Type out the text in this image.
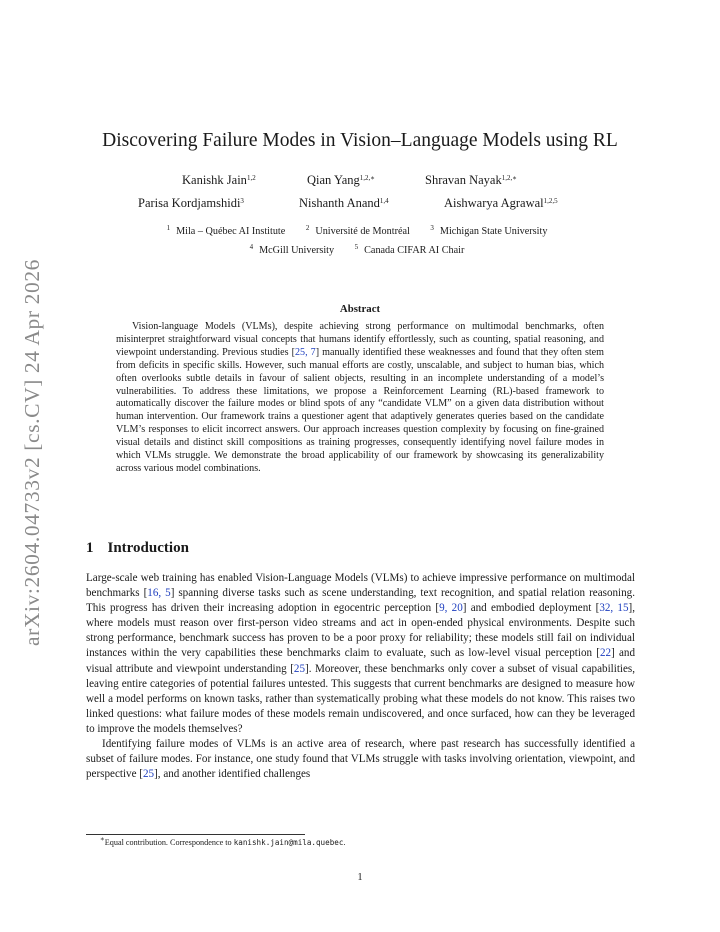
arXiv:2604.04733v2 [cs.CV] 24 Apr 2026
Discovering Failure Modes in Vision–Language Models using RL
Kanishk Jain$^{1,2}$	Qian Yang$^{1,2,∗}$	Shravan Nayak$^{1,2,∗}$
Parisa Kordjamshidi$^3$	Nishanth Anand$^{1,4}$	Aishwarya Agrawal$^{1,2,5}$
$^1$ Mila – Québec AI Institute	$^2$ Université de Montréal	$^3$ Michigan State University
$^4$ McGill University	$^5$ Canada CIFAR AI Chair
Abstract

Vision-language Models (VLMs), despite achieving strong performance on multimodal benchmarks, often misinterpret straightforward visual concepts that humans identify effortlessly, such as counting, spatial reasoning, and viewpoint understanding. Previous studies [25, 7] manually identified these weaknesses and found that they often stem from deficits in specific skills. However, such manual efforts are costly, unscalable, and subject to human bias, which often overlooks subtle details in favour of salient objects, resulting in an incomplete understanding of a model’s vulnerabilities. To address these limitations, we propose a Reinforcement Learning (RL)-based framework to automatically discover the failure modes or blind spots of any “candidate VLM” on a given data distribution without human intervention. Our framework trains a questioner agent that adaptively generates queries based on the candidate VLM’s responses to elicit incorrect answers. Our approach increases question complexity by focusing on fine-grained visual details and distinct skill compositions as training progresses, consequently identifying novel failure modes in which VLMs struggle. We demonstrate the broad applicability of our framework by showcasing its generalizability across various model combinations.

1 Introduction

Large-scale web training has enabled Vision-Language Models (VLMs) to achieve impressive performance on multimodal benchmarks [16, 5] spanning diverse tasks such as scene understanding, text recognition, and spatial relation reasoning. This progress has driven their increasing adoption in egocentric perception [9, 20] and embodied deployment [32, 15], where models must reason over first-person video streams and act in open-ended physical environments. Despite such strong performance, benchmark success has proven to be a poor proxy for reliability; these models still fail on individual instances within the very capabilities these benchmarks claim to evaluate, such as low-level visual perception [22] and visual attribute and viewpoint understanding [25]. Moreover, these benchmarks only cover a subset of visual capabilities, leaving entire categories of potential failures untested. This suggests that current benchmarks are designed to measure how well a model performs on known tasks, rather than systematically probing what these models do not know. This raises two linked questions: what failure modes of these models remain undiscovered, and once surfaced, how can they be leveraged to improve the models themselves?

Identifying failure modes of VLMs is an active area of research, where past research has successfully identified a subset of failure modes. For instance, one study found that VLMs struggle with tasks involving orientation, viewpoint, and perspective [25], and another identified challenges

∗Equal contribution. Correspondence to kanishk.jain@mila.quebec.
1
